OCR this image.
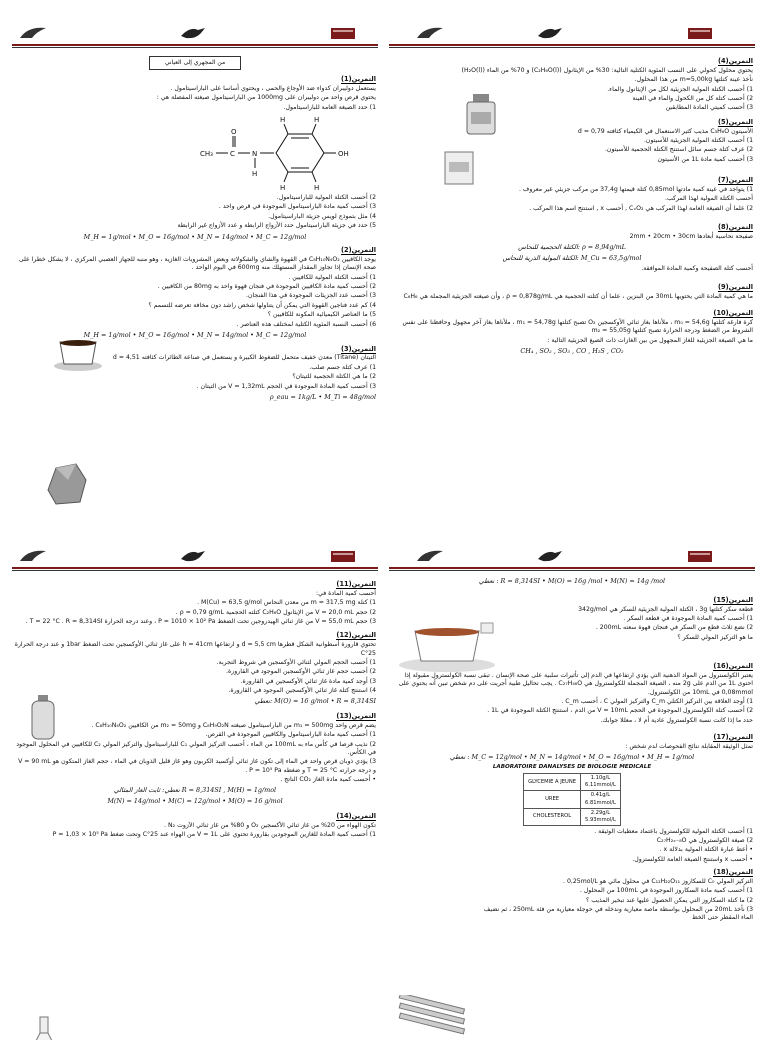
التمرين(4)

يحتوي محلول كحولي على النسب المئوية الكتلية التالية: 30% من الإيثانول (C₂H₆O(l)) و 70% من الماء (H₂O(l))

نأخذ عينة كتلتها m=5,00kg من هذا المحلول.

1) أحسب الكتلة المولية الجزيئية لكل من الإيثانول والماء.

2) أحسب كتلة كل من الكحول والماء في العينة

3) أحسب كميتي المادة المطابقين

التمرين(5)

الأسيتون C₃H₆O مذيب كثير الاستعمال في الكيمياء كثافته d = 0,79

1) أحسب الكتلة المولية الجزيئية للأسيتون.

2) عرف كتلة جسم سائل استنتج الكتلة الحجمية للأسيتون.

3) أحسب كمية مادة 1L من الأسيتون

التمرين(7)

1) يتواجد في عينة كمية مادتها 0,85mol كتلة قيمتها 37,4g من مركب جزيئي غير معروف .

أحسب الكتلة المولية لهذا المركب.

2) علما أن الصيغة العامة لهذا المركب هي CₓO₂ , أحسب x , استنتج اسم هذا المركب .

التمرين(8)

صفيحة نحاسية أبعادها 2mm • 20cm • 30cm

الكتلة الحجمية للنحاس: ρ = 8,94g/mL

الكتلة المولية الذرية للنحاس: M_Cu = 63,5g/mol

أحسب كتلة الصفيحة وكمية المادة الموافقة.

التمرين(9)

ما هي كمية المادة التي يحتويها 30mL من البنزين ، علما أن كتلته الحجمية هي ρ = 0,878g/mL ، وأن صيغته الجزيئية المجملة هي C₆H₆

التمرين(10)

كرة فارغة كتلتها m₀ = 54,6g ، ملأناها بغاز ثنائي الأوكسجين O₂ تصبح كتلتها m₁ = 54,78g ، ملأناها بغاز آخر مجهول وحافظنا على نفس الشروط من الضغط ودرجة الحرارة تصبح كتلتها m₂ = 55,05g

ما هي الصيغة الجزيئية للغاز المجهول من بين الغازات ذات الصيغ الجزيئية التالية :

CH₄ , SO₂ , SO₃ , CO , H₂S , CO₂

من المجهري إلى العياني
التمرين(1)

يستعمل دوليبران كدواء ضد الأوجاع والحمى ، ويحتوي أساسا على الباراسيتامول .

يحتوي قرص واحد من دوليبران على 1000mg من الباراسيتامول صيغته المفصلة هي :

1) حدد الصيغة العامة للباراسيتامول.

CH₃ C
O
N
H
OH
H	H
H	H

2) أحسب الكتلة المولية للباراسيتامول.

3) أحسب كمية مادة الباراسيتامول الموجودة في قرص واحد .

4) مثل بتموذج لويس جزيئة الباراسيتامول.

5) حدد في جزيئة الباراسيتامول حدد الأزواج الرابطة و عدد الأزواج غير الرابطة

M_H = 1g/mol • M_O = 16g/mol • M_N = 14g/mol • M_C = 12g/mol

التمرين(2)

يوجد الكافيين C₈H₁₀N₄O₂ في القهوة والشاي والشكولاتة وبعض المشروبات الغازية ، وهو منبه للجهاز العصبي المركزي ، لا يشكل خطرا على صحة الإنسان إذا تجاوز المقدار المستهلك منه 600mg في اليوم الواحد .

1) أحسب الكتلة المولية للكافيين .

2) أحسب كمية مادة الكافيين الموجودة في فنجان قهوة واحد به 80mg من الكافيين .

3) أحسب عدد الجزيئات الموجودة في هذا الفنجان.

4) كم عدد فناجين القهوة التي يمكن أن يتناولها شخص راشد دون مخافة تعرضه للتسمم ؟

5) ما العناصر الكيميائية المكونة للكافيين ؟

6) أحسب النسبة المئوية الكتلية لمختلف هذه العناصر .

M_H = 1g/mol • M_O = 16g/mol • M_N = 14g/mol • M_C = 12g/mol

التمرين(3)

التيتان (Titane) معدن خفيف متحمل للضغوط الكبيرة و يستعمل في صناعة الطائرات كثافته d = 4,51

1) عرف كتلة جسم صلب.

2) ما هي الكتلة الحجمية للتيتان؟

3) أحسب كمية المادة الموجودة في الحجم V = 1,32mL من التيتان .

ρ_eau = 1kg/L • M_Ti = 48g/mol

نعطي : R = 8,314SI • M(O) = 16g /mol • M(N) = 14g /mol

التمرين(15)

قطعة سكر كتلتها 3g ، الكتلة المولية الجزيئية للسكر هي 342g/mol

1) أحسب كمية المادة الموجودة في قطعة السكر .

2) نضع ثلاث قطع من السكر في فنجان قهوة سعته 200mL .

ما هو التركيز المولي للسكر ؟

التمرين(16)

يعتبر الكولسترول من المواد الدهنية التي يؤدي ارتفاعها في الدم إلى تأثيرات سلبية على صحة الإنسان . تبقى نسبة الكولسترول مقبولة إذا احتوى 1L من الدم على 2g منه ، الصيغة المجملة للكولسترول هي C₂₇H₄₆O . يجب تحاليل طبية أجريت على دم شخص تبين أنه يحتوي على 0,08mmol في 10mL من الكولسترول.

1) أوجد العلاقة بين التركيز الكتلي C_m والتركيز المولي C ، أحسب C_m .

2) أحسب كتلة الكولسترول الموجودة في الحجم V = 10mL من الدم ، استنتج الكتلة الموجودة في 1L .

حدد ما إذا كانت نسبة الكولسترول عادية أم لا ، معللا جوابك.

التمرين(17)

تمثل الوثيقة المقابلة نتائج الفحوصات لدم شخص :

نعطي : M_C = 12g/mol • M_N = 14g/mol • M_O = 16g/mol • M_H = 1g/mol

LABORATOIRE DANALYSES DE BIOLOGIE MEDICALE
GLYCEMIE A JEUNE	1.10g/L
6.11mmol/L
UREE	0.41g/L
6.81mmol/L
CHOLESTEROL	2.29g/L
5.93mmol/L

1) أحسب الكتلة المولية للكولسترول باعتماد معطيات الوثيقة .

2) صيغة الكولسترول هي C₂₇H₂ₓ₋₈O

• أعط عبارة الكتلة المولية بدلالة x .

• أحسب x واستنتج الصيغة العامة للكولسترول.

التمرين(18)

التركيز المولي C₀ للسكاروز C₁₂H₂₂O₁₁ في محلول مائي هو 0,25mol/L .

1) أحسب كمية مادة السكاروز الموجودة في 100mL من المحلول .

2) ما كتلة السكاروز التي يمكن الحصول عليها عند تبخير المذيب ؟

3) نأخذ 20mL من المحلول بواسطة ماصة معيارية وندخله في حوجلة معيارية من فئة 250mL ، ثم نضيف الماء المقطر حتى الخط

التمرين(11)

أحسب كمية المادة في:

1) كتلة m = 317,5 mg من معدن النحاس M(Cu) = 63,5 g/mol .

2) حجم V = 20,0 mL من الإيثانول C₂H₆O كتلته الحجمية ρ = 0,79 g/mL .

3) حجم V = 55,0 mL من غاز ثنائي الهيدروجين تحت الضغط P = 1010 × 10² Pa ، وعند درجة الحرارة T = 22 °C . R = 8,314SI .

التمرين(12)

تحتوي قارورة أسطوانية الشكل قطرها d = 5,5 cm و ارتفاعها h = 41cm على غاز ثنائي الأوكسجين تحت الضغط 1bar و عند درجة الحرارة 25°C

1) أحسب الحجم المولي لثنائي الأوكسجين في شروط التجربة.

2) أحسب حجم غاز ثنائي الأوكسجين الموجود في القارورة.

3) أوجد كمية مادة غاز ثنائي الأوكسجين في القارورة.

4) استنتج كتلة غاز ثنائي الأوكسجين الموجود في القارورة.

نعطي: M(O) = 16 g/mol • R = 8,314SI

التمرين(13)

يضم قرص واحد m₁ = 500mg من الباراسيتامول صيغته C₈H₉O₂N و m₂ = 50mg من الكافيين C₈H₁₀N₄O₂ .

1) أحسب كمية مادة الباراسيتامول والكافيين الموجودة في القرص.

2) نذيب قرصا في كأس ماء به 100mL من الماء ، أحسب التركيز المولي C₁ للباراسيتامول والتركيز المولي C₂ للكافيين في المحلول الموجود في الكأس.

3) يؤدي ذوبان قرص واحد في الماء إلى تكون غاز ثنائي أوكسيد الكربون وهو غاز قليل الذوبان في الماء ، حجم الغاز المتكون هو V = 90 mL و درجة حرارته T = 25 °C و ضغطه P = 10⁵ Pa .

• أحسب كمية مادة الغاز CO₂ الناتج .

نعطي: ثابت الغاز المثالي R = 8,314SI , M(H) = 1g/mol

M(N) = 14g/mol • M(C) = 12g/mol • M(O) = 16 g/mol

التمرين(14)

تكون الهواء من 20% من غاز ثنائي الأكسجين O₂ و 80% من غاز ثنائي الآزوت N₂ .

1) أحسب كمية المادة للغازين الموجودين بقارورة تحتوي على V = 1L من الهواء عند 25°C وتحت ضغط P = 1,03 × 10⁵ Pa
